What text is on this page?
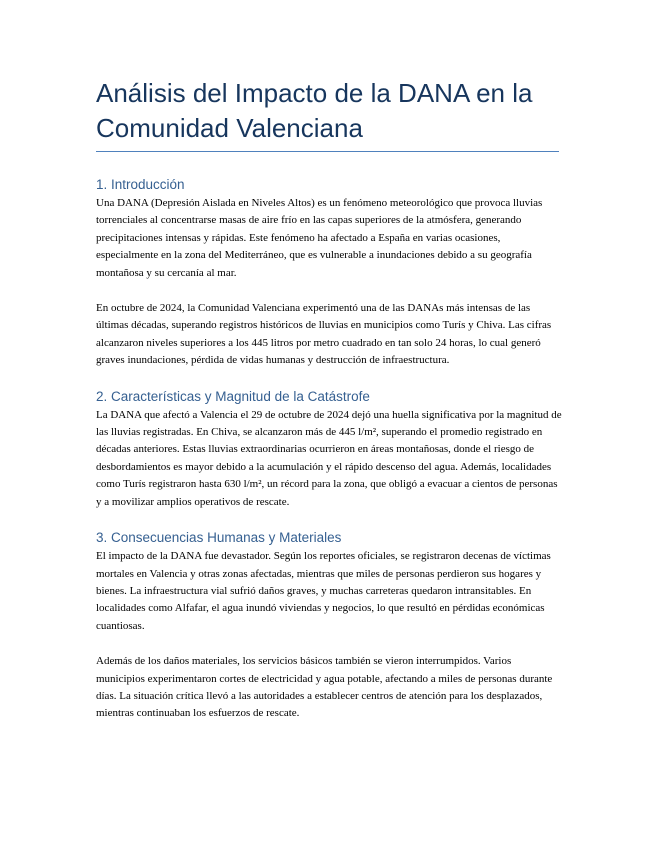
Análisis del Impacto de la DANA en la Comunidad Valenciana
1. Introducción

Una DANA (Depresión Aislada en Niveles Altos) es un fenómeno meteorológico que provoca lluvias torrenciales al concentrarse masas de aire frío en las capas superiores de la atmósfera, generando precipitaciones intensas y rápidas. Este fenómeno ha afectado a España en varias ocasiones, especialmente en la zona del Mediterráneo, que es vulnerable a inundaciones debido a su geografía montañosa y su cercanía al mar.

En octubre de 2024, la Comunidad Valenciana experimentó una de las DANAs más intensas de las últimas décadas, superando registros históricos de lluvias en municipios como Turís y Chiva. Las cifras alcanzaron niveles superiores a los 445 litros por metro cuadrado en tan solo 24 horas, lo cual generó graves inundaciones, pérdida de vidas humanas y destrucción de infraestructura.

2. Características y Magnitud de la Catástrofe

La DANA que afectó a Valencia el 29 de octubre de 2024 dejó una huella significativa por la magnitud de las lluvias registradas. En Chiva, se alcanzaron más de 445 l/m², superando el promedio registrado en décadas anteriores. Estas lluvias extraordinarias ocurrieron en áreas montañosas, donde el riesgo de desbordamientos es mayor debido a la acumulación y el rápido descenso del agua. Además, localidades como Turís registraron hasta 630 l/m², un récord para la zona, que obligó a evacuar a cientos de personas y a movilizar amplios operativos de rescate.

3. Consecuencias Humanas y Materiales

El impacto de la DANA fue devastador. Según los reportes oficiales, se registraron decenas de víctimas mortales en Valencia y otras zonas afectadas, mientras que miles de personas perdieron sus hogares y bienes. La infraestructura vial sufrió daños graves, y muchas carreteras quedaron intransitables. En localidades como Alfafar, el agua inundó viviendas y negocios, lo que resultó en pérdidas económicas cuantiosas.

Además de los daños materiales, los servicios básicos también se vieron interrumpidos. Varios municipios experimentaron cortes de electricidad y agua potable, afectando a miles de personas durante días. La situación crítica llevó a las autoridades a establecer centros de atención para los desplazados, mientras continuaban los esfuerzos de rescate.
